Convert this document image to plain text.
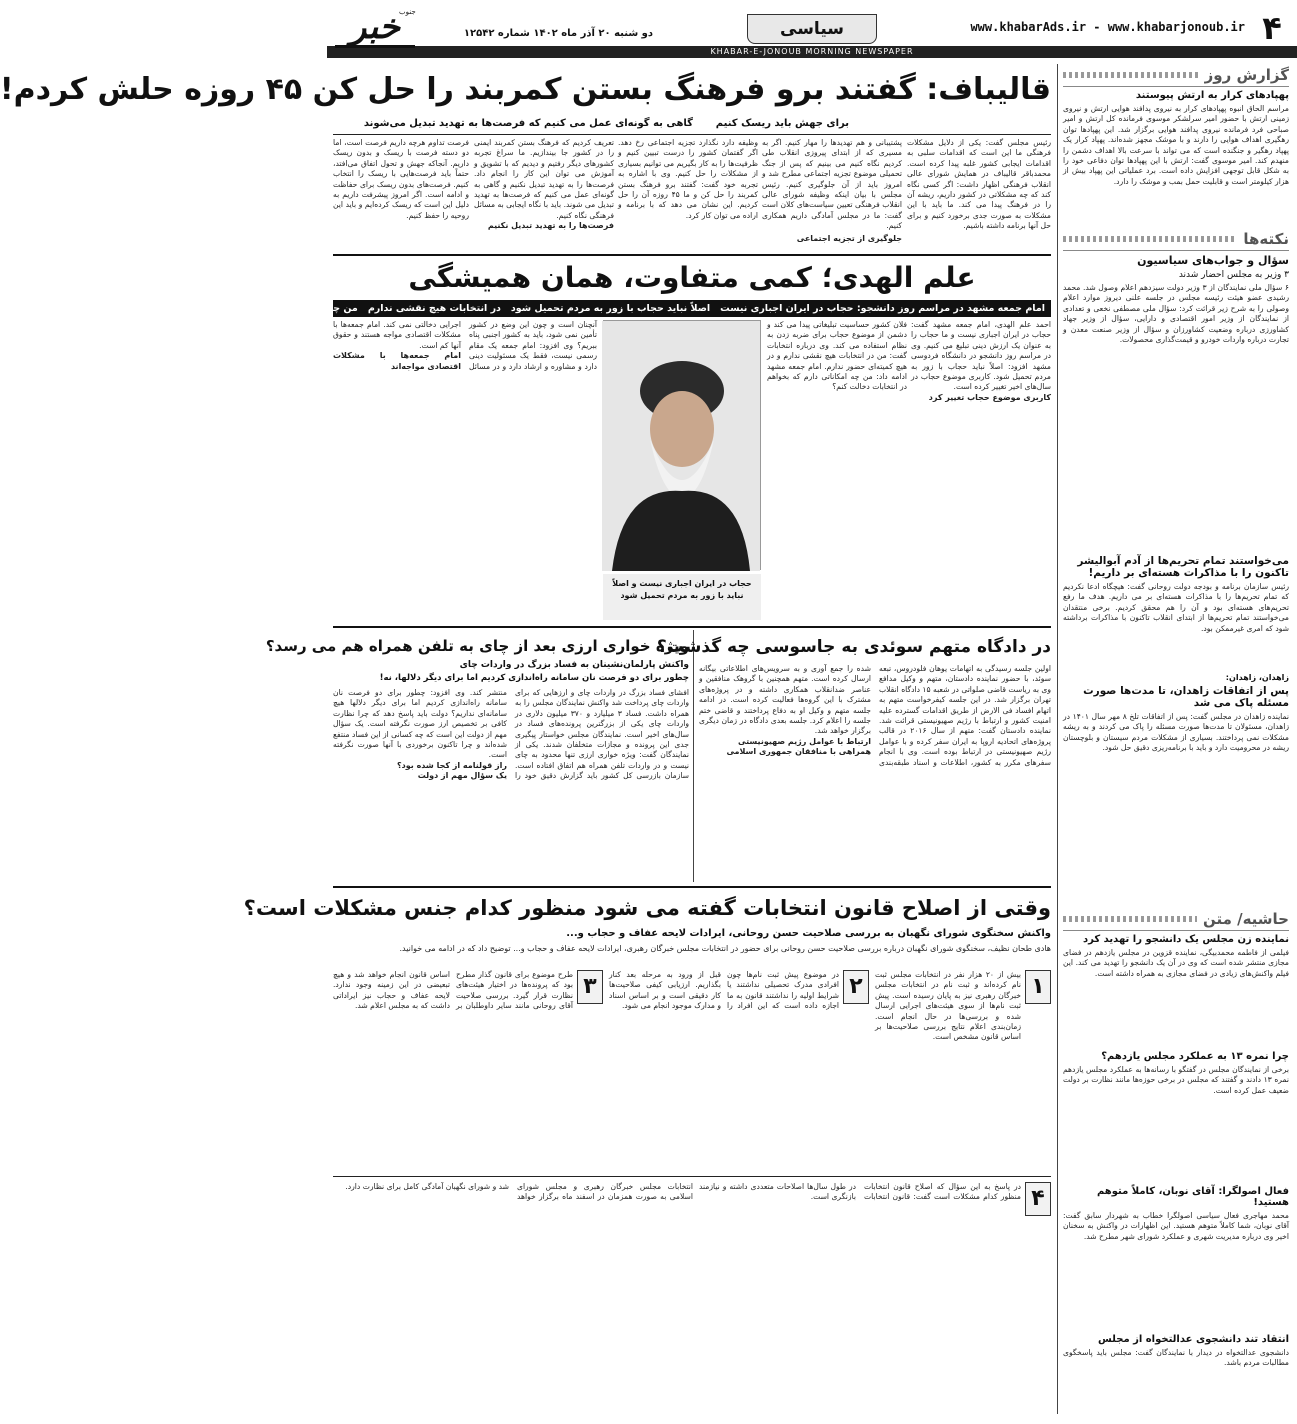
۴
www.khabarAds.ir - www.khabarjonoub.ir
سیاسی
خبر
جنوب
دو شنبه ۲۰ آذر ماه ۱۴۰۲ شماره ۱۲۵۴۲
KHABAR-E-JONOUB MORNING NEWSPAPER
گزارش روز
پهپادهای کرار به ارتش پیوستند
مراسم الحاق انبوه پهپادهای کرار به نیروی پدافند هوایی ارتش و نیروی زمینی ارتش با حضور امیر سرلشکر موسوی فرمانده کل ارتش و امیر صباحی فرد فرمانده نیروی پدافند هوایی برگزار شد. این پهپادها توان رهگیری اهداف هوایی را دارند و با موشک مجهز شده‌اند. پهپاد کرار یک پهپاد رهگیر و جنگنده است که می تواند با سرعت بالا اهداف دشمن را منهدم کند. امیر موسوی گفت: ارتش با این پهپادها توان دفاعی خود را به شکل قابل توجهی افزایش داده است. برد عملیاتی این پهپاد بیش از هزار کیلومتر است و قابلیت حمل بمب و موشک را دارد.
نکته‌ها
سؤال و جواب‌های سیاسیون
۳ وزیر به مجلس احضار شدند
۶ سؤال ملی نمایندگان از ۳ وزیر دولت سیزدهم اعلام وصول شد. محمد رشیدی عضو هیئت رئیسه مجلس در جلسه علنی دیروز موارد اعلام وصولی را به شرح زیر قرائت کرد: سؤال ملی مصطفی نخعی و تعدادی از نمایندگان از وزیر امور اقتصادی و دارایی، سؤال از وزیر جهاد کشاورزی درباره وضعیت کشاورزان و سؤال از وزیر صنعت معدن و تجارت درباره واردات خودرو و قیمت‌گذاری محصولات.
می‌خواستند تمام تحریم‌ها از آدم آبوالیشر تاکنون را با مذاکرات هسته‌ای بر داریم!
رئیس سازمان برنامه و بودجه دولت روحانی گفت: هیچگاه ادعا نکردیم که تمام تحریم‌ها را با مذاکرات هسته‌ای بر می داریم. هدف ما رفع تحریم‌های هسته‌ای بود و آن را هم محقق کردیم. برخی منتقدان می‌خواستند تمام تحریم‌ها از ابتدای انقلاب تاکنون با مذاکرات برداشته شود که امری غیرممکن بود.
زاهدان، زاهدان:
پس از اتفاقات زاهدان، تا مدت‌ها صورت مسئله پاک می شد
نماینده زاهدان در مجلس گفت: پس از اتفاقات تلخ ۸ مهر سال ۱۴۰۱ در زاهدان، مسئولان تا مدت‌ها صورت مسئله را پاک می کردند و به ریشه مشکلات نمی پرداختند. بسیاری از مشکلات مردم سیستان و بلوچستان ریشه در محرومیت دارد و باید با برنامه‌ریزی دقیق حل شود.
حاشیه/ متن
نماینده زن مجلس یک دانشجو را تهدید کرد
فیلمی از فاطمه محمدبیگی، نماینده قزوین در مجلس یازدهم در فضای مجازی منتشر شده است که وی در آن یک دانشجو را تهدید می کند. این فیلم واکنش‌های زیادی در فضای مجازی به همراه داشته است.
چرا نمره ۱۳ به عملکرد مجلس یازدهم؟
برخی از نمایندگان مجلس در گفتگو با رسانه‌ها به عملکرد مجلس یازدهم نمره ۱۳ دادند و گفتند که مجلس در برخی حوزه‌ها مانند نظارت بر دولت ضعیف عمل کرده است.
فعال اصولگرا: آقای نوبان، کاملاً متوهم هستید!
محمد مهاجری فعال سیاسی اصولگرا خطاب به شهردار سابق گفت: آقای نوبان، شما کاملاً متوهم هستید. این اظهارات در واکنش به سخنان اخیر وی درباره مدیریت شهری و عملکرد شورای شهر مطرح شد.
انتقاد تند دانشجوی عدالتخواه از مجلس
دانشجوی عدالتخواه در دیدار با نمایندگان گفت: مجلس باید پاسخگوی مطالبات مردم باشد.
قالیباف: گفتند برو فرهنگ بستن کمربند را حل کن ۴۵ روزه حلش کردم!
برای جهش باید ریسک کنیم
گاهی به گونه‌ای عمل می کنیم که فرصت‌ها به تهدید تبدیل می‌شوند
رئیس مجلس گفت: یکی از دلایل مشکلات فرهنگی ما این است که اقدامات سلبی به اقدامات ایجابی کشور غلبه پیدا کرده است. محمدباقر قالیباف در همایش شورای عالی انقلاب فرهنگی اظهار داشت: اگر کسی نگاه کند که چه مشکلاتی در کشور داریم، ریشه آن را در فرهنگ پیدا می کند. ما باید با این مشکلات به صورت جدی برخورد کنیم و برای حل آنها برنامه داشته باشیم.
پشتیبانی و هم تهدیدها را مهار کنیم. اگر به مسیری که از ابتدای پیروزی انقلاب طی کردیم نگاه کنیم می بینیم که پس از جنگ تحمیلی موضوع تجزیه اجتماعی مطرح شد و امروز باید از آن جلوگیری کنیم. رئیس مجلس با بیان اینکه وظیفه شورای عالی انقلاب فرهنگی تعیین سیاست‌های کلان است گفت: ما در مجلس آمادگی داریم همکاری کنیم.
جلوگیری از تجزیه اجتماعی
وظیفه دارد نگذارد تجزیه اجتماعی رخ دهد. اگر گفتمان کشور را درست تبیین کنیم و ظرفیت‌ها را به کار بگیریم می توانیم بسیاری از مشکلات را حل کنیم. وی با اشاره به تجربه خود گفت: گفتند برو فرهنگ بستن کمربند را حل کن و ما ۴۵ روزه آن را حل کردیم. این نشان می دهد که با برنامه و اراده می توان کار کرد.
تعریف کردیم که فرهنگ بستن کمربند ایمنی را در کشور جا بیندازیم. ما سراغ تجربه کشورهای دیگر رفتیم و دیدیم که با تشویق و آموزش می توان این کار را انجام داد. فرصت‌ها را به تهدید تبدیل نکنیم و گاهی به گونه‌ای عمل می کنیم که فرصت‌ها به تهدید تبدیل می شوند. باید با نگاه ایجابی به مسائل فرهنگی نگاه کنیم.
فرصت‌ها را به تهدید تبدیل نکنیم
فرصت تداوم هرچه داریم فرصت است، اما دو دسته فرصت با ریسک و بدون ریسک داریم. آنجاکه جهش و تحول اتفاق می‌افتد، حتماً باید فرصت‌هایی با ریسک را انتخاب کنیم. فرصت‌های بدون ریسک برای حفاظت و ادامه است. اگر امروز پیشرفت داریم به دلیل این است که ریسک کرده‌ایم و باید این روحیه را حفظ کنیم.
علم الهدی؛ کمی متفاوت، همان همیشگی
امام جمعه مشهد در مراسم روز دانشجو: حجاب در ایران اجباری نیست
اصلاً نباید حجاب با زور به مردم تحمیل شود
در انتخابات هیچ نقشی ندارم
من چه امکاناتی دارم؟
احمد علم الهدی، امام جمعه مشهد گفت: حجاب در ایران اجباری نیست و ما حجاب را به عنوان یک ارزش دینی تبلیغ می کنیم. وی در مراسم روز دانشجو در دانشگاه فردوسی مشهد افزود: اصلاً نباید حجاب با زور به مردم تحمیل شود. کاربری موضوع حجاب در سال‌های اخیر تغییر کرده است.
کاربری موضوع حجاب تغییر کرد
فلان کشور حساسیت تبلیغاتی پیدا می کند و دشمن از موضوع حجاب برای ضربه زدن به نظام استفاده می کند. وی درباره انتخابات گفت: من در انتخابات هیچ نقشی ندارم و در هیچ کمیته‌ای حضور ندارم. امام جمعه مشهد ادامه داد: من چه امکاناتی دارم که بخواهم در انتخابات دخالت کنم؟
حجاب در ایران اجباری نیست و اصلاً نباید با زور به مردم تحمیل شود
آنچنان است و چون این وضع در کشور تأمین نمی شود، باید به کشور اجنبی پناه ببریم؟ وی افزود: امام جمعه یک مقام رسمی نیست، فقط یک مسئولیت دینی دارد و مشاوره و ارشاد دارد و در مسائل اجرایی دخالتی نمی کند. امام جمعه‌ها با مشکلات اقتصادی مواجه هستند و حقوق آنها کم است.
امام جمعه‌ها با مشکلات اقتصادی مواجه‌اند
در دادگاه متهم سوئدی به جاسوسی چه گذشت؟
اولین جلسه رسیدگی به اتهامات یوهان فلودروس، تبعه سوئد، با حضور نماینده دادستان، متهم و وکیل مدافع وی به ریاست قاضی صلواتی در شعبه ۱۵ دادگاه انقلاب تهران برگزار شد. در این جلسه کیفرخواست متهم به اتهام افساد فی الارض از طریق اقدامات گسترده علیه امنیت کشور و ارتباط با رژیم صهیونیستی قرائت شد. نماینده دادستان گفت: متهم از سال ۲۰۱۶ در قالب پروژه‌های اتحادیه اروپا به ایران سفر کرده و با عوامل رژیم صهیونیستی در ارتباط بوده است. وی با انجام سفرهای مکرر به کشور، اطلاعات و اسناد طبقه‌بندی شده را جمع آوری و به سرویس‌های اطلاعاتی بیگانه ارسال کرده است. متهم همچنین با گروهک منافقین و عناصر ضدانقلاب همکاری داشته و در پروژه‌های مشترک با این گروه‌ها فعالیت کرده است. در ادامه جلسه متهم و وکیل او به دفاع پرداختند و قاضی ختم جلسه را اعلام کرد. جلسه بعدی دادگاه در زمان دیگری برگزار خواهد شد.
ارتباط با عوامل رژیم صهیونیستی
همراهی با منافقان جمهوری اسلامی
ویژه خواری ارزی بعد از چای به تلفن همراه هم می رسد؟
واکنش پارلمان‌نشینان به فساد بزرگ در واردات چای
چطور برای دو فرصت نان سامانه راه‌اندازی کردیم اما برای دیگر دلالها، نه!
افشای فساد بزرگ در واردات چای و ارزهایی که برای واردات چای پرداخت شد واکنش نمایندگان مجلس را به همراه داشت. فساد ۳ میلیارد و ۳۷۰ میلیون دلاری در واردات چای یکی از بزرگترین پرونده‌های فساد در سال‌های اخیر است. نمایندگان مجلس خواستار پیگیری جدی این پرونده و مجازات متخلفان شدند. یکی از نمایندگان گفت: ویژه خواری ارزی تنها محدود به چای نیست و در واردات تلفن همراه هم اتفاق افتاده است. سازمان بازرسی کل کشور باید گزارش دقیق خود را منتشر کند. وی افزود: چطور برای دو فرصت نان سامانه راه‌اندازی کردیم اما برای دیگر دلالها هیچ سامانه‌ای نداریم؟ دولت باید پاسخ دهد که چرا نظارت کافی بر تخصیص ارز صورت نگرفته است. یک سؤال مهم از دولت این است که چه کسانی از این فساد منتفع شده‌اند و چرا تاکنون برخوردی با آنها صورت نگرفته است.
راز قولنامه از کجا شده بود؟
یک سؤال مهم از دولت
وقتی از اصلاح قانون انتخابات گفته می شود منظور کدام جنس مشکلات است؟
واکنش سخنگوی شورای نگهبان به بررسی صلاحیت حسن روحانی، ایرادات لایحه عفاف و حجاب و...
هادی طحان نظیف، سخنگوی شورای نگهبان درباره بررسی صلاحیت حسن روحانی برای حضور در انتخابات مجلس خبرگان رهبری، ایرادات لایحه عفاف و حجاب و... توضیح داد که در ادامه می خوانید.
۱
بیش از ۲۰ هزار نفر در انتخابات مجلس ثبت نام کرده‌اند و ثبت نام در انتخابات مجلس خبرگان رهبری نیز به پایان رسیده است. پیش ثبت نام‌ها از سوی هیئت‌های اجرایی ارسال شده و بررسی‌ها در حال انجام است. زمان‌بندی اعلام نتایج بررسی صلاحیت‌ها بر اساس قانون مشخص است.
۲
در موضوع پیش ثبت نام‌ها چون افرادی مدرک تحصیلی نداشتند یا شرایط اولیه را نداشتند قانون به ما اجازه داده است که این افراد را قبل از ورود به مرحله بعد کنار بگذاریم. ارزیابی کیفی صلاحیت‌ها کار دقیقی است و بر اساس اسناد و مدارک موجود انجام می شود.
۳
طرح موضوع برای قانون گذار مطرح بود که پرونده‌ها در اختیار هیئت‌های نظارت قرار گیرد. بررسی صلاحیت آقای روحانی مانند سایر داوطلبان بر اساس قانون انجام خواهد شد و هیچ تبعیضی در این زمینه وجود ندارد. لایحه عفاف و حجاب نیز ایراداتی داشت که به مجلس اعلام شد.
۴
در پاسخ به این سؤال که اصلاح قانون انتخابات منظور کدام مشکلات است گفت: قانون انتخابات در طول سال‌ها اصلاحات متعددی داشته و نیازمند بازنگری است.
انتخابات مجلس خبرگان رهبری و مجلس شورای اسلامی به صورت همزمان در اسفند ماه برگزار خواهد شد و شورای نگهبان آمادگی کامل برای نظارت دارد.
